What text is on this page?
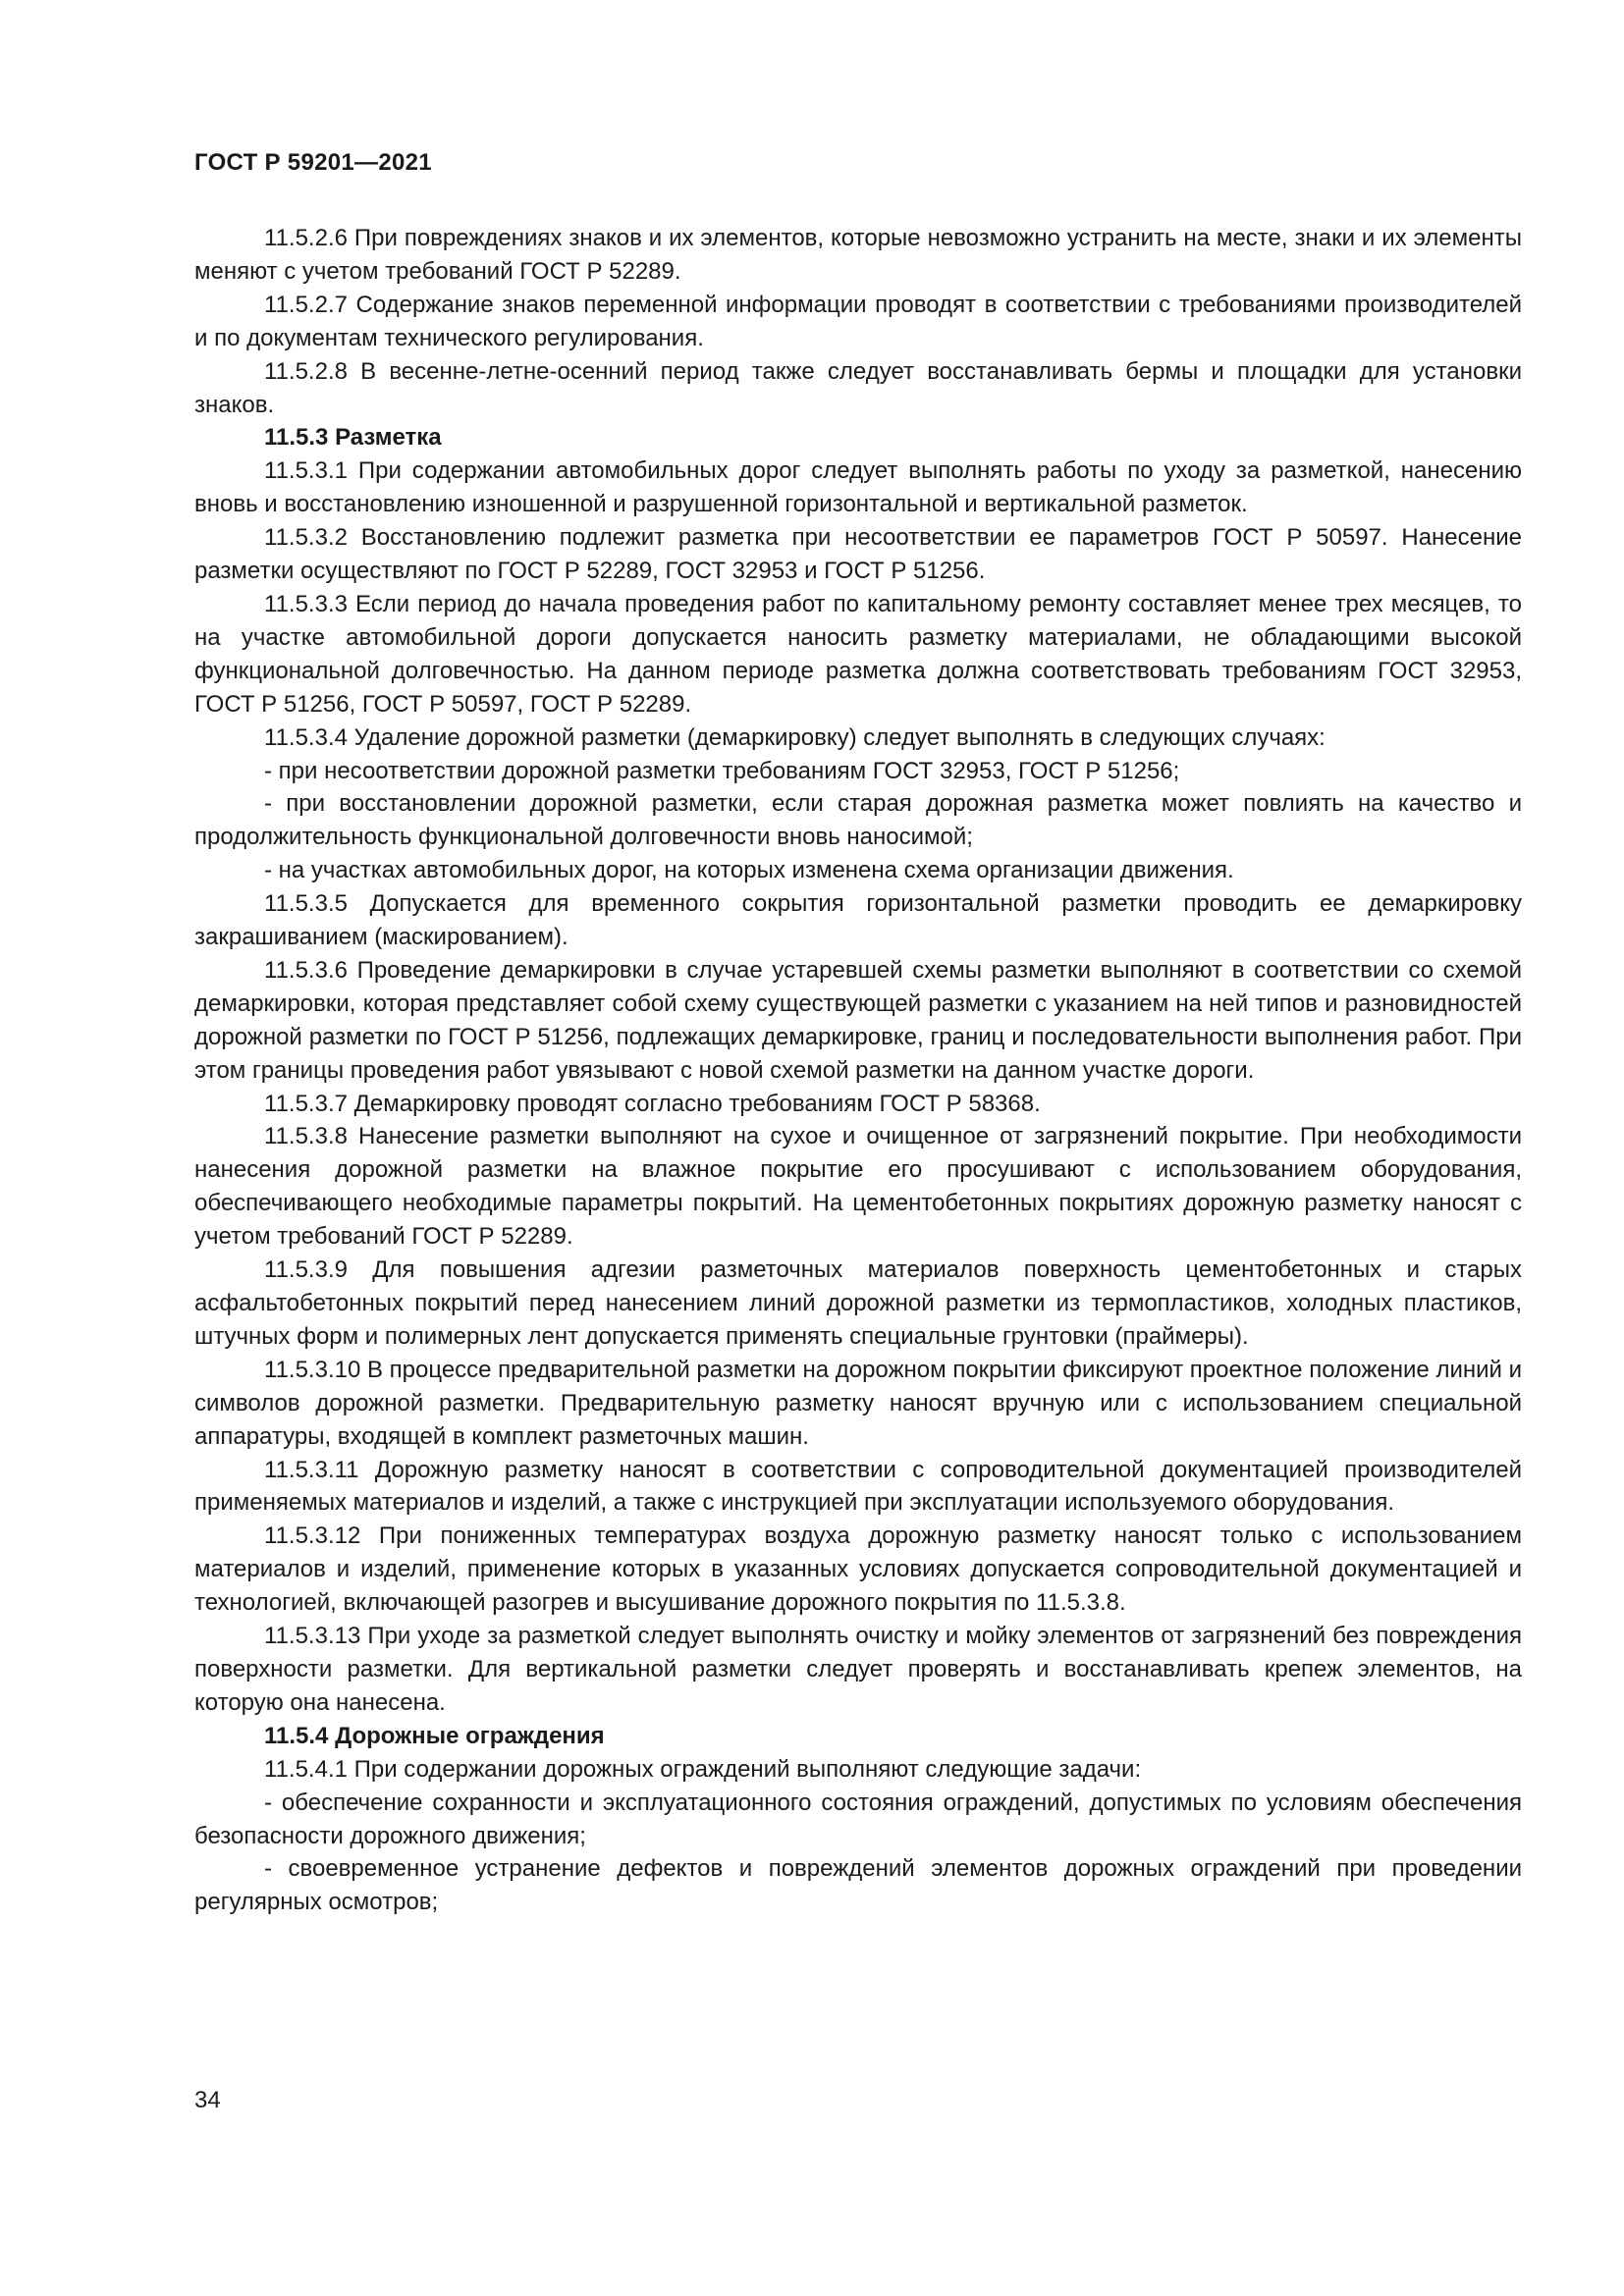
ГОСТ Р 59201—2021

11.5.2.6 При повреждениях знаков и их элементов, которые невозможно устранить на месте, знаки и их элементы меняют с учетом требований ГОСТ Р 52289.

11.5.2.7 Содержание знаков переменной информации проводят в соответствии с требованиями производителей и по документам технического регулирования.

11.5.2.8 В весенне-летне-осенний период также следует восстанавливать бермы и площадки для установки знаков.

11.5.3 Разметка

11.5.3.1 При содержании автомобильных дорог следует выполнять работы по уходу за разметкой, нанесению вновь и восстановлению изношенной и разрушенной горизонтальной и вертикальной разметок.

11.5.3.2 Восстановлению подлежит разметка при несоответствии ее параметров ГОСТ Р 50597. Нанесение разметки осуществляют по ГОСТ Р 52289, ГОСТ 32953 и ГОСТ Р 51256.

11.5.3.3 Если период до начала проведения работ по капитальному ремонту составляет менее трех месяцев, то на участке автомобильной дороги допускается наносить разметку материалами, не обладающими высокой функциональной долговечностью. На данном периоде разметка должна соответствовать требованиям ГОСТ 32953, ГОСТ Р 51256, ГОСТ Р 50597, ГОСТ Р 52289.

11.5.3.4 Удаление дорожной разметки (демаркировку) следует выполнять в следующих случаях:

- при несоответствии дорожной разметки требованиям ГОСТ 32953, ГОСТ Р 51256;

- при восстановлении дорожной разметки, если старая дорожная разметка может повлиять на качество и продолжительность функциональной долговечности вновь наносимой;

- на участках автомобильных дорог, на которых изменена схема организации движения.

11.5.3.5 Допускается для временного сокрытия горизонтальной разметки проводить ее демаркировку закрашиванием (маскированием).

11.5.3.6 Проведение демаркировки в случае устаревшей схемы разметки выполняют в соответствии со схемой демаркировки, которая представляет собой схему существующей разметки с указанием на ней типов и разновидностей дорожной разметки по ГОСТ Р 51256, подлежащих демаркировке, границ и последовательности выполнения работ. При этом границы проведения работ увязывают с новой схемой разметки на данном участке дороги.

11.5.3.7 Демаркировку проводят согласно требованиям ГОСТ Р 58368.

11.5.3.8 Нанесение разметки выполняют на сухое и очищенное от загрязнений покрытие. При необходимости нанесения дорожной разметки на влажное покрытие его просушивают с использованием оборудования, обеспечивающего необходимые параметры покрытий. На цементобетонных покрытиях дорожную разметку наносят с учетом требований ГОСТ Р 52289.

11.5.3.9 Для повышения адгезии разметочных материалов поверхность цементобетонных и старых асфальтобетонных покрытий перед нанесением линий дорожной разметки из термопластиков, холодных пластиков, штучных форм и полимерных лент допускается применять специальные грунтовки (праймеры).

11.5.3.10 В процессе предварительной разметки на дорожном покрытии фиксируют проектное положение линий и символов дорожной разметки. Предварительную разметку наносят вручную или с использованием специальной аппаратуры, входящей в комплект разметочных машин.

11.5.3.11 Дорожную разметку наносят в соответствии с сопроводительной документацией производителей применяемых материалов и изделий, а также с инструкцией при эксплуатации используемого оборудования.

11.5.3.12 При пониженных температурах воздуха дорожную разметку наносят только с использованием материалов и изделий, применение которых в указанных условиях допускается сопроводительной документацией и технологией, включающей разогрев и высушивание дорожного покрытия по 11.5.3.8.

11.5.3.13 При уходе за разметкой следует выполнять очистку и мойку элементов от загрязнений без повреждения поверхности разметки. Для вертикальной разметки следует проверять и восстанавливать крепеж элементов, на которую она нанесена.

11.5.4 Дорожные ограждения

11.5.4.1 При содержании дорожных ограждений выполняют следующие задачи:

- обеспечение сохранности и эксплуатационного состояния ограждений, допустимых по условиям обеспечения безопасности дорожного движения;

- своевременное устранение дефектов и повреждений элементов дорожных ограждений при проведении регулярных осмотров;

34
